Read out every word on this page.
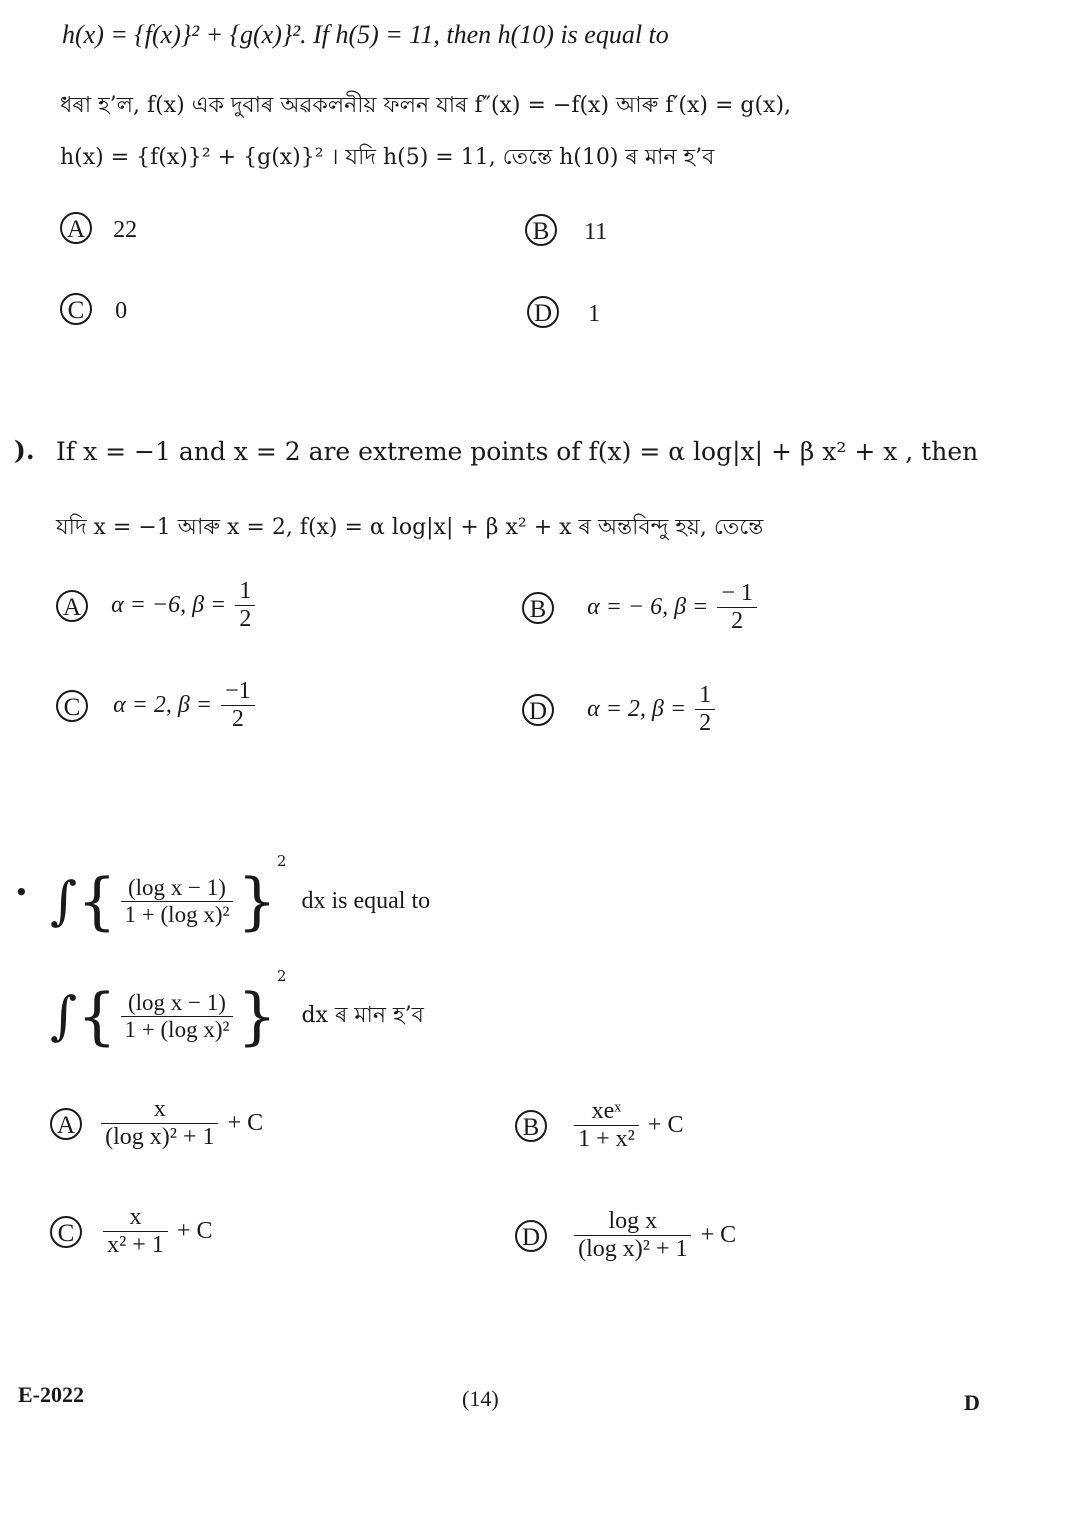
h(x) = {f(x)}² + {g(x)}². If h(5) = 11, then h(10) is equal to
ধৰা হ’ল, f(x) এক দুবাৰ অৱকলনীয় ফলন যাৰ f″(x) = −f(x) আৰু f′(x) = g(x),
h(x) = {f(x)}² + {g(x)}² । যদি h(5) = 11, তেন্তে h(10) ৰ মান হ’ব
A 22	B 11
C 0	D 1
). If x = −1 and x = 2 are extreme points of f(x) = α log|x| + β x² + x , then
যদি x = −1 আৰু x = 2, f(x) = α log|x| + β x² + x ৰ অন্তবিন্দু হয়, তেন্তে
A α = −6, $\beta = \frac{1}{2}$	B α = − 6, $\beta = \frac{- 1}{2}$
C α = 2, $\beta = \frac{-1}{2}$	D α = 2, $\beta = \frac{1}{2}$
• ∫{ $\frac{\text{(log x − 1)}}{\text{1 + (log x)²}} \}^2$ dx is equal to
∫{ $\frac{\text{(log x − 1)}}{\text{1 + (log x)²}} \}^2$ dx ৰ মান হ’ব
A $\frac{x}{\text{(log x)² + 1}} + C$	B $\frac{\text{xeˣ}}{\text{1 + x²}} + C$
C $\frac{x}{\text{x² + 1}} + C$	D $\frac{\text{log x}}{\text{(log x)² + 1}} + C$
E-2022	(14)	D
